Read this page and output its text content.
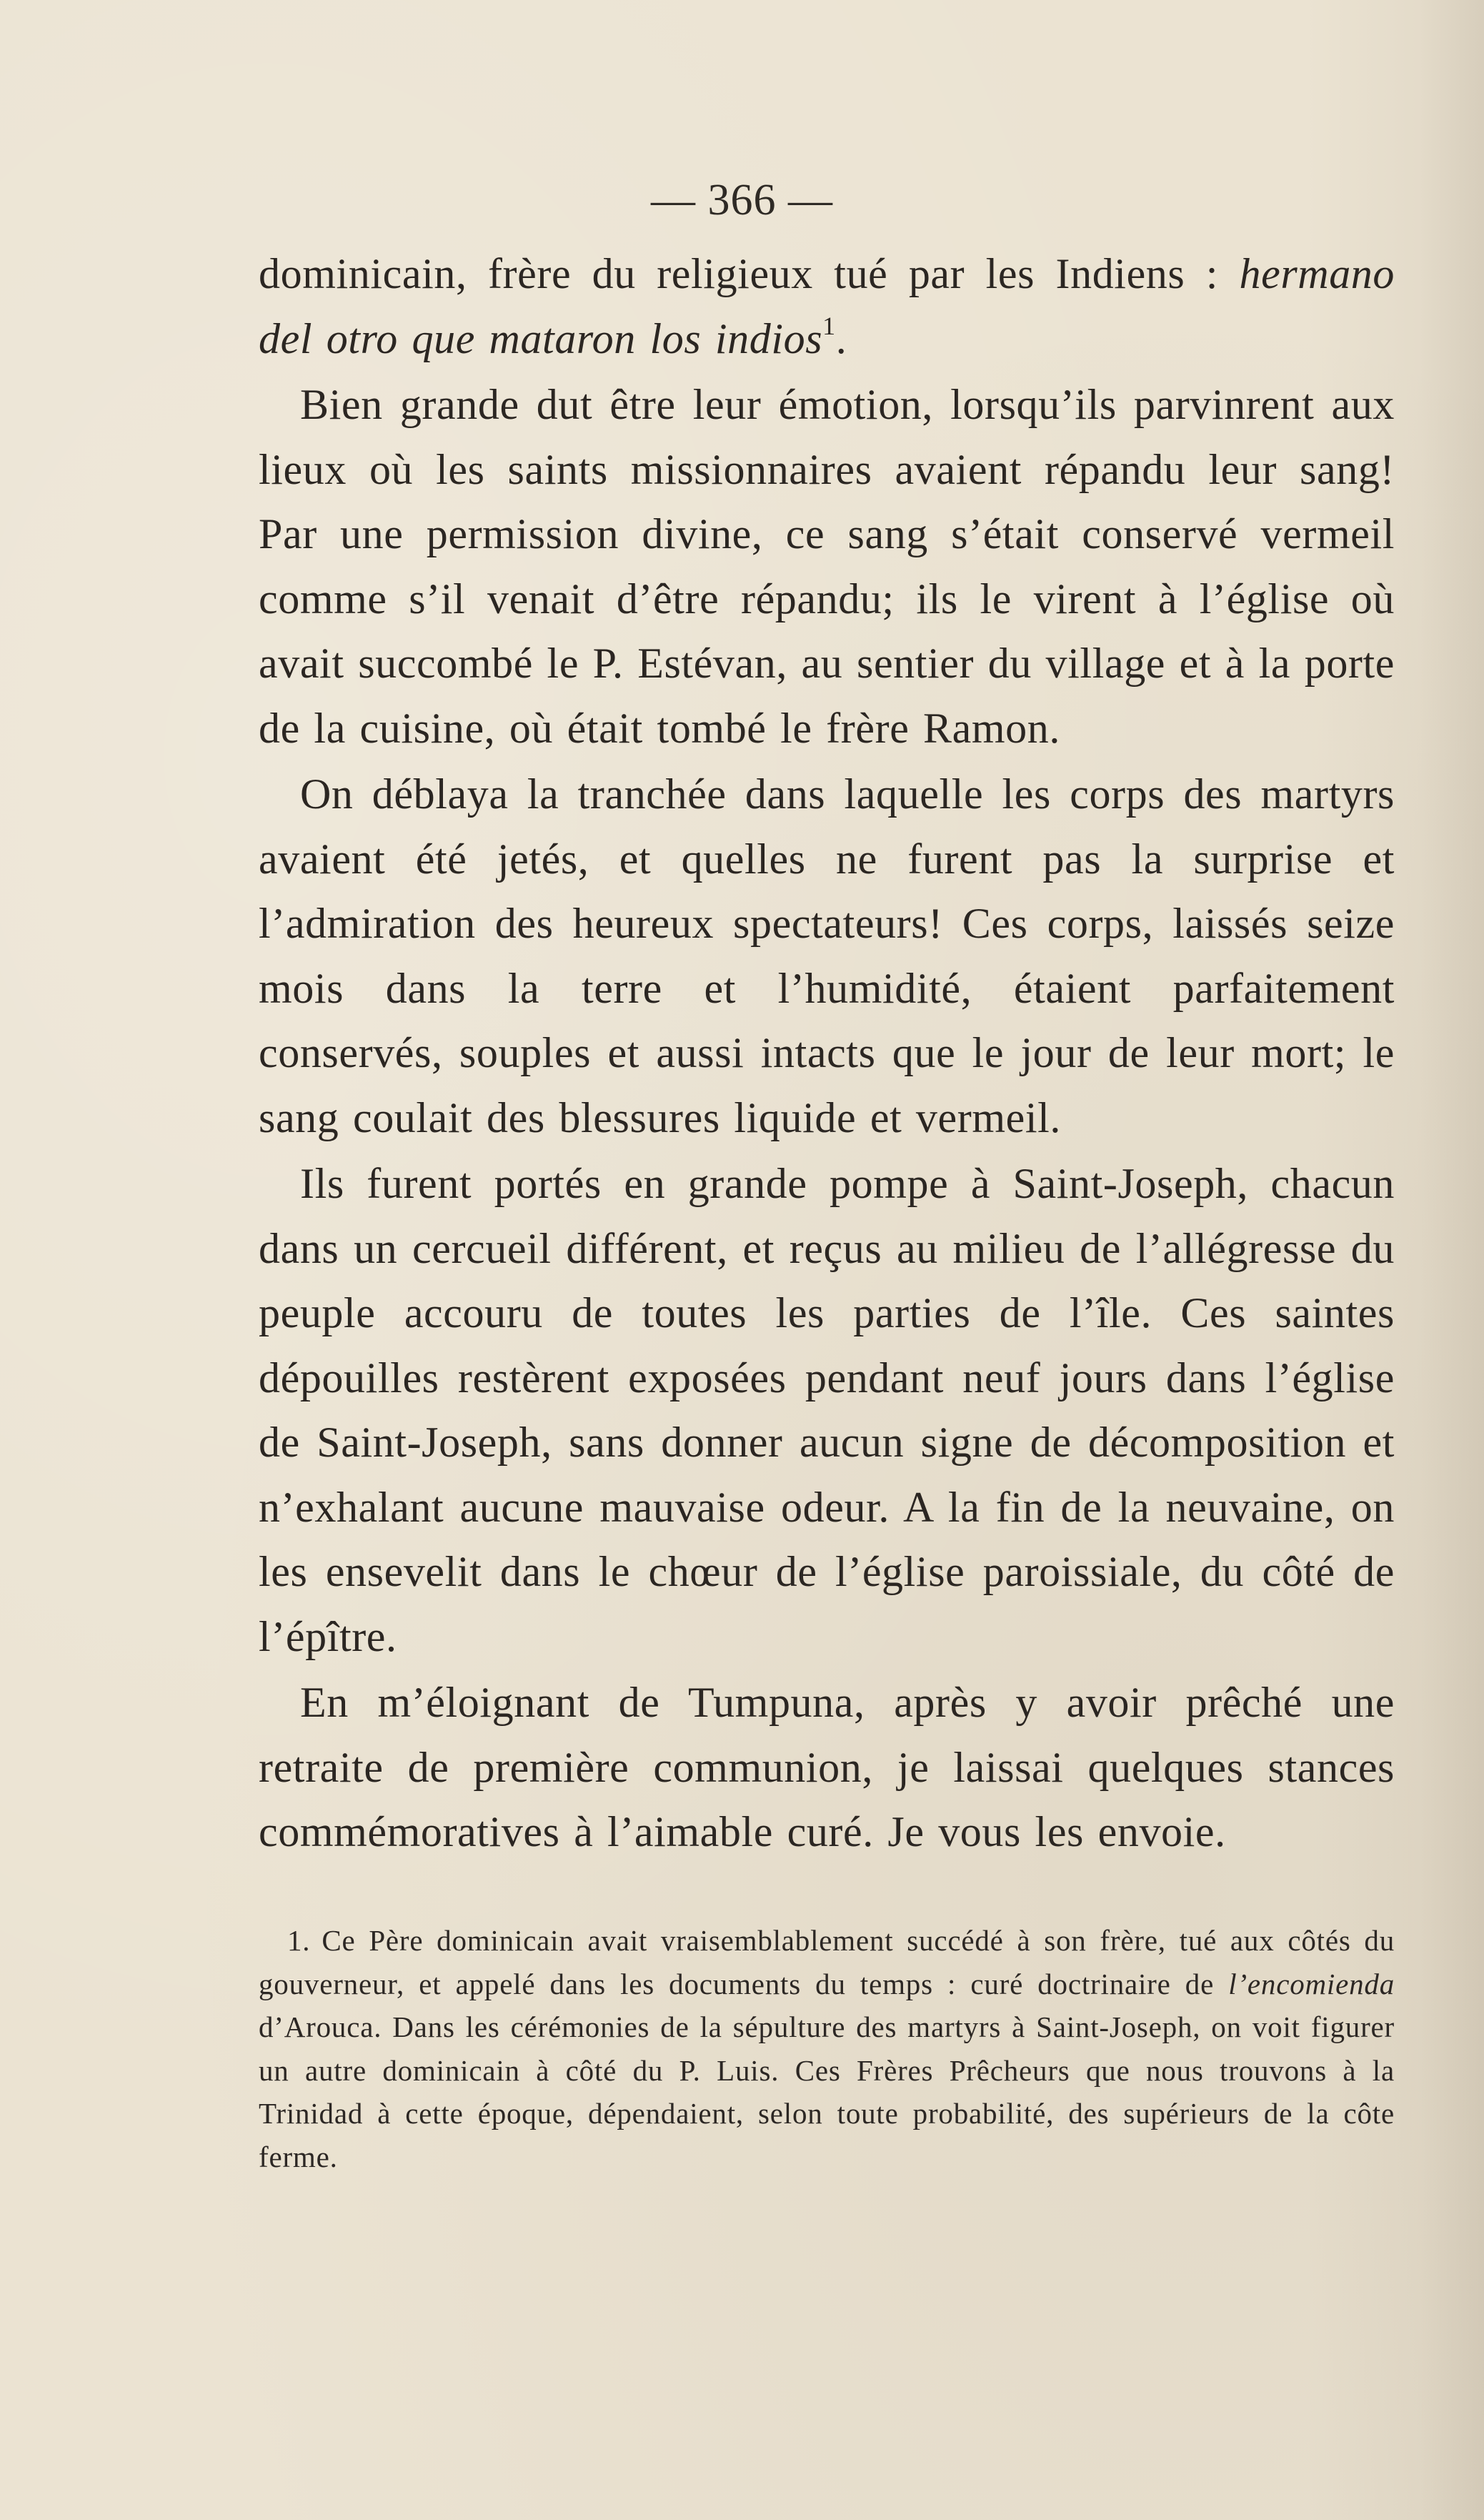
— 366 —

dominicain, frère du religieux tué par les Indiens : hermano del otro que mataron los indios$^1$.

Bien grande dut être leur émotion, lorsqu’ils parvinrent aux lieux où les saints missionnaires avaient répandu leur sang! Par une permission divine, ce sang s’était conservé vermeil comme s’il venait d’être répandu; ils le virent à l’église où avait succombé le P. Estévan, au sentier du village et à la porte de la cuisine, où était tombé le frère Ramon.

On déblaya la tranchée dans laquelle les corps des martyrs avaient été jetés, et quelles ne furent pas la surprise et l’admiration des heureux spectateurs! Ces corps, laissés seize mois dans la terre et l’humidité, étaient parfaitement conservés, souples et aussi intacts que le jour de leur mort; le sang coulait des blessures liquide et vermeil.

Ils furent portés en grande pompe à Saint-Joseph, chacun dans un cercueil différent, et reçus au milieu de l’allégresse du peuple accouru de toutes les parties de l’île. Ces saintes dépouilles restèrent exposées pendant neuf jours dans l’église de Saint-Joseph, sans donner aucun signe de décomposition et n’exhalant aucune mauvaise odeur. A la fin de la neuvaine, on les ensevelit dans le chœur de l’église paroissiale, du côté de l’épître.

En m’éloignant de Tumpuna, après y avoir prêché une retraite de première communion, je laissai quelques stances commémoratives à l’aimable curé. Je vous les envoie.

1. Ce Père dominicain avait vraisemblablement succédé à son frère, tué aux côtés du gouverneur, et appelé dans les documents du temps : curé doctrinaire de l’encomienda d’Arouca. Dans les cérémonies de la sépulture des martyrs à Saint-Joseph, on voit figurer un autre dominicain à côté du P. Luis. Ces Frères Prêcheurs que nous trouvons à la Trinidad à cette époque, dépendaient, selon toute probabilité, des supérieurs de la côte ferme.
